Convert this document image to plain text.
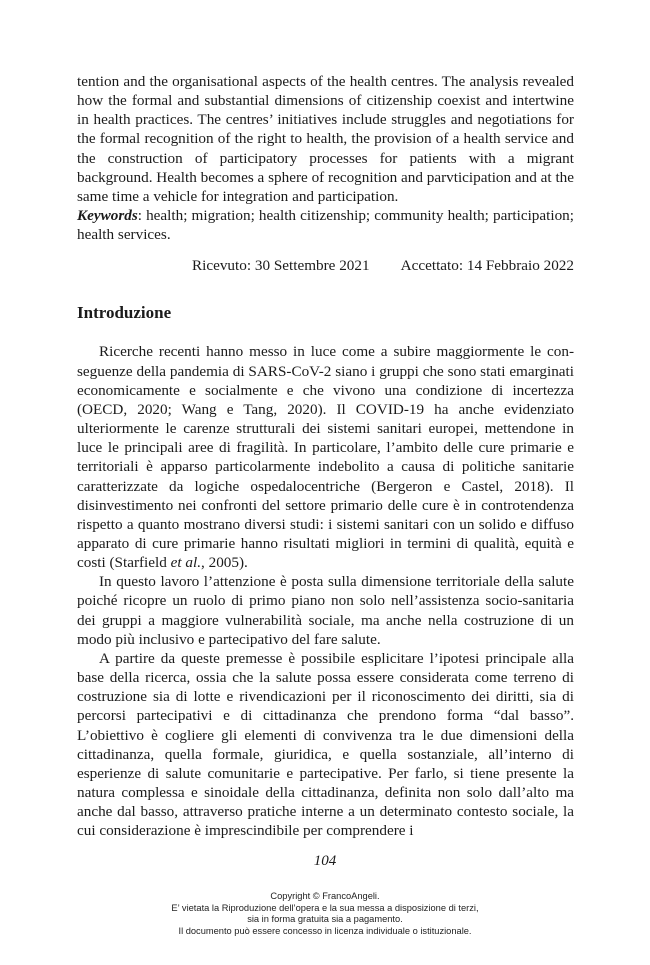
tention and the organisational aspects of the health centres. The analysis revealed how the formal and substantial dimensions of citizenship coexist and intertwine in health practices. The centres’ initiatives include struggles and negotiations for the formal recognition of the right to health, the provision of a health service and the construction of participatory processes for patients with a migrant background. Health becomes a sphere of recognition and parvticipation and at the same time a vehicle for integration and participation.
Keywords: health; migration; health citizenship; community health; participation; health services.

Ricevuto: 30 Settembre 2021 Accettato: 14 Febbraio 2022
Introduzione

Ricerche recenti hanno messo in luce come a subire maggiormente le conseguenze della pandemia di SARS-CoV-2 siano i gruppi che sono stati emarginati economicamente e socialmente e che vivono una condizione di incertezza (OECD, 2020; Wang e Tang, 2020). Il COVID-19 ha anche evidenziato ulteriormente le carenze strutturali dei sistemi sanitari europei, mettendone in luce le principali aree di fragilità. In particolare, l’ambito delle cure primarie e territoriali è apparso particolarmente indebolito a causa di politiche sanitarie caratterizzate da logiche ospedalocentriche (Bergeron e Castel, 2018). Il disinvestimento nei confronti del settore primario delle cure è in controtendenza rispetto a quanto mostrano diversi studi: i sistemi sanitari con un solido e diffuso apparato di cure primarie hanno risultati migliori in termini di qualità, equità e costi (Starfield et al., 2005).

In questo lavoro l’attenzione è posta sulla dimensione territoriale della salute poiché ricopre un ruolo di primo piano non solo nell’assistenza socio-sanitaria dei gruppi a maggiore vulnerabilità sociale, ma anche nella costruzione di un modo più inclusivo e partecipativo del fare salute.

A partire da queste premesse è possibile esplicitare l’ipotesi principale alla base della ricerca, ossia che la salute possa essere considerata come terreno di costruzione sia di lotte e rivendicazioni per il riconoscimento dei diritti, sia di percorsi partecipativi e di cittadinanza che prendono forma “dal basso”. L’obiettivo è cogliere gli elementi di convivenza tra le due dimensioni della cittadinanza, quella formale, giuridica, e quella sostanziale, all’interno di esperienze di salute comunitarie e partecipative. Per farlo, si tiene presente la natura complessa e sinoidale della cittadinanza, definita non solo dall’alto ma anche dal basso, attraverso pratiche interne a un determinato contesto sociale, la cui considerazione è imprescindibile per comprendere i

104
Copyright © FrancoAngeli.
E’ vietata la Riproduzione dell’opera e la sua messa a disposizione di terzi,
sia in forma gratuita sia a pagamento.
Il documento può essere concesso in licenza individuale o istituzionale.
